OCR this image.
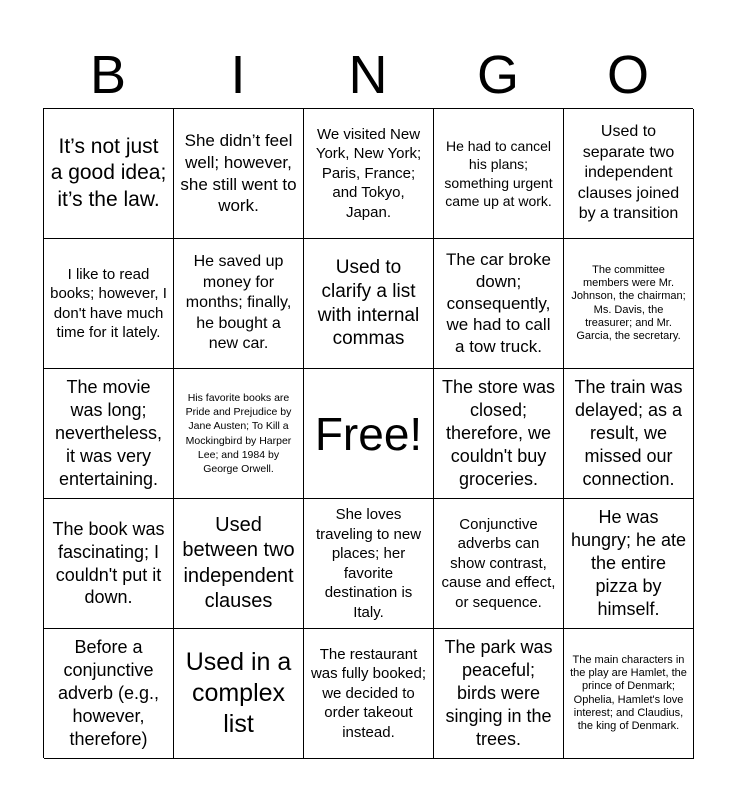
B	I	N	G	O
It’s not just a good idea; it’s the law.
She didn’t feel well; however, she still went to work.
We visited New York, New York; Paris, France; and Tokyo, Japan.
He had to cancel his plans; something urgent came up at work.
Used to separate two independent clauses joined by a transition
I like to read books; however, I don't have much time for it lately.
He saved up money for months; finally, he bought a new car.
Used to clarify a list with internal commas
The car broke down; consequently, we had to call a tow truck.
The committee members were Mr. Johnson, the chairman; Ms. Davis, the treasurer; and Mr. Garcia, the secretary.
The movie was long; nevertheless, it was very entertaining.
His favorite books are Pride and Prejudice by Jane Austen; To Kill a Mockingbird by Harper Lee; and 1984 by George Orwell.
Free!
The store was closed; therefore, we couldn't buy groceries.
The train was delayed; as a result, we missed our connection.
The book was fascinating; I couldn't put it down.
Used between two independent clauses
She loves traveling to new places; her favorite destination is Italy.
Conjunctive adverbs can show contrast, cause and effect, or sequence.
He was hungry; he ate the entire pizza by himself.
Before a conjunctive adverb (e.g., however, therefore)
Used in a complex list
The restaurant was fully booked; we decided to order takeout instead.
The park was peaceful; birds were singing in the trees.
The main characters in the play are Hamlet, the prince of Denmark; Ophelia, Hamlet's love interest; and Claudius, the king of Denmark.
